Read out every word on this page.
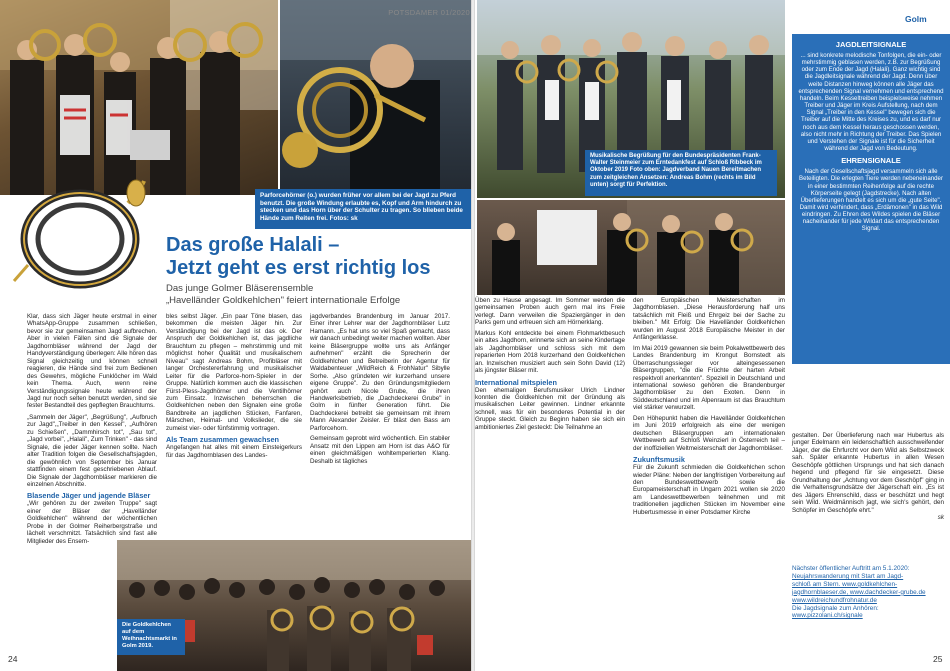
Parforcehörner (o.) wurden früher vor allem bei der Jagd zu Pferd benutzt. Die große Windung erlaubte es, Kopf und Arm hindurch zu stecken und das Horn über der Schulter zu tragen. So blieben beide Hände zum Reiten frei. Fotos: sk
Das große Halali –
Jetzt geht es erst richtig los
Das junge Golmer Bläserensemble
„Havelländer Goldkehlchen" feiert internationale Erfolge

Klar, dass sich Jäger heute erstmal in einer WhatsApp-Gruppe zusammen schließen, bevor sie zur gemeinsamen Jagd aufbrechen. Aber in vielen Fällen sind die Signale der Jagdhornbläser während der Jagd der Handyverständigung überlegen: Alle hören das Signal gleichzeitig und können schnell reagieren, die Hände sind frei zum Bedienen des Gewehrs, mögliche Funklöcher im Wald kein Thema. Auch, wenn reine Verständigungssignale heute während der Jagd nur noch selten benutzt werden, sind sie fester Bestandteil des gepflegten Brauchtums.

„Sammeln der Jäger", „Begrüßung", „Aufbruch zur Jagd",„Treiber in den Kessel", „Aufhören zu Schießen", „Dammhirsch tot", „Sau tot", „Jagd vorbei", „Halali", Zum Trinken" - das sind Signale, die jeder Jäger kennen sollte. Nach alter Tradition folgen die Gesellschaftsjagden, die gewöhnlich von September bis Januar stattfinden einem fest geschriebenen Ablauf. Die Signale der Jagdhornbläser markieren die einzelnen Abschnitte.

Blasende Jäger und jagende Bläser

„Wir gehören zu der zweiten Truppe" sagt einer der Bläser der „Havelländer Goldkehlchen" während der wöchentlichen Probe in der Golmer Reiherbergstraße und lächelt verschmitzt. Tatsächlich sind fast alle Mitglieder des Ensem-

bles selbst Jäger. „Ein paar Töne blasen, das bekommen die meisten Jäger hin. Zur Verständigung bei der Jagd ist das ok. Der Anspruch der Goldkehlchen ist, das jagdliche Brauchtum zu pflegen – mehrstimmig und mit möglichst hoher Qualität und musikalischem Niveau" sagt Andreas Bohm, Profibläser mit langer Orchestererfahrung und musikalischer Leiter für die Parforce-horn-Spieler in der Gruppe. Natürlich kommen auch die klassischen Fürst-Pless-Jagdhörner und die Ventilhörner zum Einsatz. Inzwischen beherrschen die Goldkehlchen neben den Signalen eine große Bandbreite an jagdlichen Stücken, Fanfaren, Märschen, Heimat- und Volkslieder, die sie zumeist vier- oder fünfstimmig vortragen.

Als Team zusammen gewachsen

Angefangen hat alles mit einem Einsteigerkurs für das Jagdhornblasen des Landes-

jagdverbandes Brandenburg im Januar 2017. Einer ihrer Lehrer war der Jagdhornbläser Lutz Hamann. „Es hat uns so viel Spaß gemacht, dass wir danach unbedingt weiter machen wollten. Aber keine Bläsergruppe wollte uns als Anfänger aufnehmen" erzählt die Sprecherin der Goldkehlchen und Betreiberin der Agentur für Waldabenteuer „WildReich & FrohNatur" Sibylle Sorhe. „Also gründeten wir kurzerhand unsere eigene Gruppe". Zu den Gründungsmitgliedern gehört auch Nicole Grube, die ihren Handwerksbetrieb, die „Dachdeckerei Grube" in Golm in fünfter Generation führt. Die Dachdeckerei betreibt sie gemeinsam mit ihrem Mann Alexander Zeisler. Er bläst den Bass am Parforcehorn.

Gemeinsam geprobt wird wöchentlich. Ein stabiler Ansatz mit den Lippen am Horn ist das A&O für einen gleichmäßigen wohltemperierten Klang. Deshalb ist tägliches

Die Goldkehlchen auf dem Weihnachtsmarkt in Golm 2019.
24
POTSDAMER 01/2020
Musikalische Begrüßung für den Bundespräsidenten Frank-Walter Steinmeier zum Erntedankfest auf Schloß Ribbeck im Oktober 2019 Foto oben: Jagdverband Nauen Bereitmachen zum zeitgleichen Ansetzen: Andreas Bohm (rechts im Bild unten) sorgt für Perfektion.
Golm
JAGDLEITSIGNALE
... sind konkrete melodische Tonfolgen, die ein- oder mehrstimmig geblasen werden, z.B. zur Begrüßung oder zum Ende der Jagd (Halali). Ganz wichtig sind die Jagdleitsignale während der Jagd. Denn über weite Distanzen hinweg können alle Jäger das entsprechenden Signal vernehmen und entsprechend handeln. Beim Kesseltreiben beispielsweise nehmen Treiber und Jäger im Kreis Aufstellung, nach dem Signal „Treiber in den Kessel" bewegen sich die Treiber auf die Mitte des Kreises zu, und es darf nur noch aus dem Kessel heraus geschossen werden, also nicht mehr in Richtung der Treiber. Das Spielen und Verstehen der Signale ist für die Sicherheit während der Jagd von Bedeutung.
EHRENSIGNALE
Nach der Gesellschaftsjagd versammeln sich alle Beteiligten. Die erlegten Tiere werden nebeneinander in einer bestimmten Reihenfolge auf die rechte Körperseite gelegt (Jagdstrecke). Nach alten Überlieferungen handelt es sich um die „gute Seite". Damit wird verhindert, dass „Erdämonen" in das Wild eindringen. Zu Ehren des Wildes spielen die Bläser nacheinander für jede Wildart das entsprechenden Signal.

Üben zu Hause angesagt. Im Sommer werden die gemeinsamen Proben auch gern mal ins Freie verlegt. Dann verweilen die Spaziergänger in den Parks gern und erfreuen sich am Hörnerklang.

Markus Kohl entdeckte bei einem Flohmarktbesuch ein altes Jagdhorn, erinnerte sich an seine Kindertage als Jagdhornbläser und schloss sich mit dem reparierten Horn 2018 kurzerhand den Goldkehlchen an. Inzwischen musiziert auch sein Sohn David (12) als jüngster Bläser mit.

International mitspielen

Den ehemaligen Berufsmusiker Ulrich Lindner konnten die Goldkehlchen mit der Gründung als musikalischen Leiter gewinnen. Lindner erkannte schnell, was für ein besonderes Potential in der Gruppe steckt. Gleich zu Beginn haben sie sich ein ambitioniertes Ziel gesteckt: Die Teilnahme an

den Europäischen Meisterschaften im Jagdhornblasen. „Diese Herausforderung half uns tatsächlich mit Fleiß und Ehrgeiz bei der Sache zu bleiben." Mit Erfolg: Die Havelländer Goldkehlchen wurden im August 2018 Europäische Meister in der Anfängerklasse.

Im Mai 2019 gewannen sie beim Pokalwettbewerb des Landes Brandenburg im Krongut Bornstedt als Überraschungssieger vor alteingesessenen Bläsergruppen, "die die Früchte der harten Arbeit respektvoll anerkannten". Speziell in Deutschland und international sowieso gehören die Brandenburger Jagdhornbläser zu den Exoten. Denn in Süddeutschland und im Alpenraum ist das Brauchtum viel stärker verwurzelt.

Den Höhepunkt haben die Havelländer Goldkehlchen im Juni 2019 erfolgreich als eine der wenigen deutschen Bläsergruppen am internationalen Wettbewerb auf Schloß Weinzierl in Österreich teil – der inoffiziellen Weltmeisterschaft der Jagdhornbläser.

Zukunftsmusik

Für die Zukunft schmieden die Goldkehlchen schon wieder Pläne: Neben der langfristigen Vorbereitung auf den Bundeswettbewerb sowie die Europameisterschaft in Ungarn 2021 wollen sie 2020 am Landeswettbewerben teilnehmen und mit traditionellen jagdlichen Stücken im November eine Hubertusmesse in einer Potsdamer Kirche

gestalten. Der Überlieferung nach war Hubertus als junger Edelmann ein leidenschaftlich ausschweifender Jäger, der die Ehrfurcht vor dem Wild als Selbstzweck sah. Später erkannte Hubertus in allen Wesen Geschöpfe göttlichen Ursprungs und hat sich danach hegend und pflegend für sie eingesetzt. Diese Grundhaltung der „Achtung vor dem Geschöpf" ging in die Verhaltensgrundsätze der Jägerschaft ein. „Es ist des Jägers Ehrenschild, dass er beschützt und hegt sein Wild. Weidmännisch jagt, wie sich's gehört, den Schöpfer im Geschöpfe ehrt."

sk

Nächster öffentlicher Auftritt am 5.1.2020:
Neujahrswanderung mit Start am Jagd-
schloß am Stern. www.goldkehlchen-
jagdhornblaeser.de, www.dachdecker-grube.de
www.wildreichundfrohnatur.de
Die Jagdsignale zum Anhören:
www.pizzolani.ch/signale
25
